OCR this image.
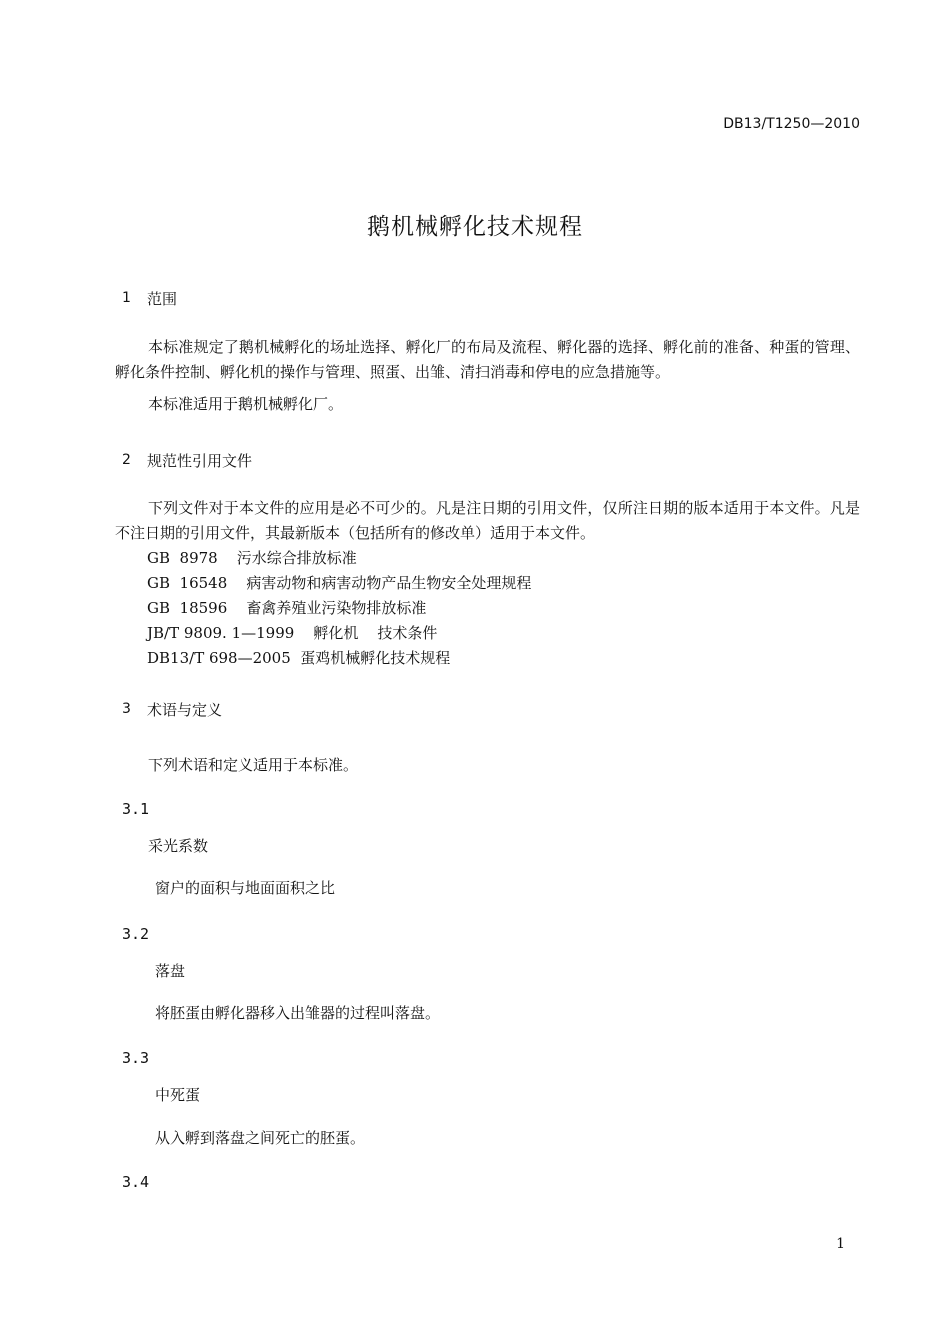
DB13/T1250—2010
鹅机械孵化技术规程
1 范围
本标准规定了鹅机械孵化的场址选择、孵化厂的布局及流程、孵化器的选择、孵化前的准备、种蛋的管理、孵化条件控制、孵化机的操作与管理、照蛋、出雏、清扫消毒和停电的应急措施等。
本标准适用于鹅机械孵化厂。
2 规范性引用文件
下列文件对于本文件的应用是必不可少的。凡是注日期的引用文件，仅所注日期的版本适用于本文件。凡是不注日期的引用文件，其最新版本（包括所有的修改单）适用于本文件。
GB  8978    污水综合排放标准
GB  16548    病害动物和病害动物产品生物安全处理规程
GB  18596    畜禽养殖业污染物排放标准
JB/T 9809. 1—1999    孵化机    技术条件
DB13/T 698—2005  蛋鸡机械孵化技术规程
3 术语与定义
下列术语和定义适用于本标准。
3.1
采光系数
窗户的面积与地面面积之比
3.2
落盘
将胚蛋由孵化器移入出雏器的过程叫落盘。
3.3
中死蛋
从入孵到落盘之间死亡的胚蛋。
3.4
1
